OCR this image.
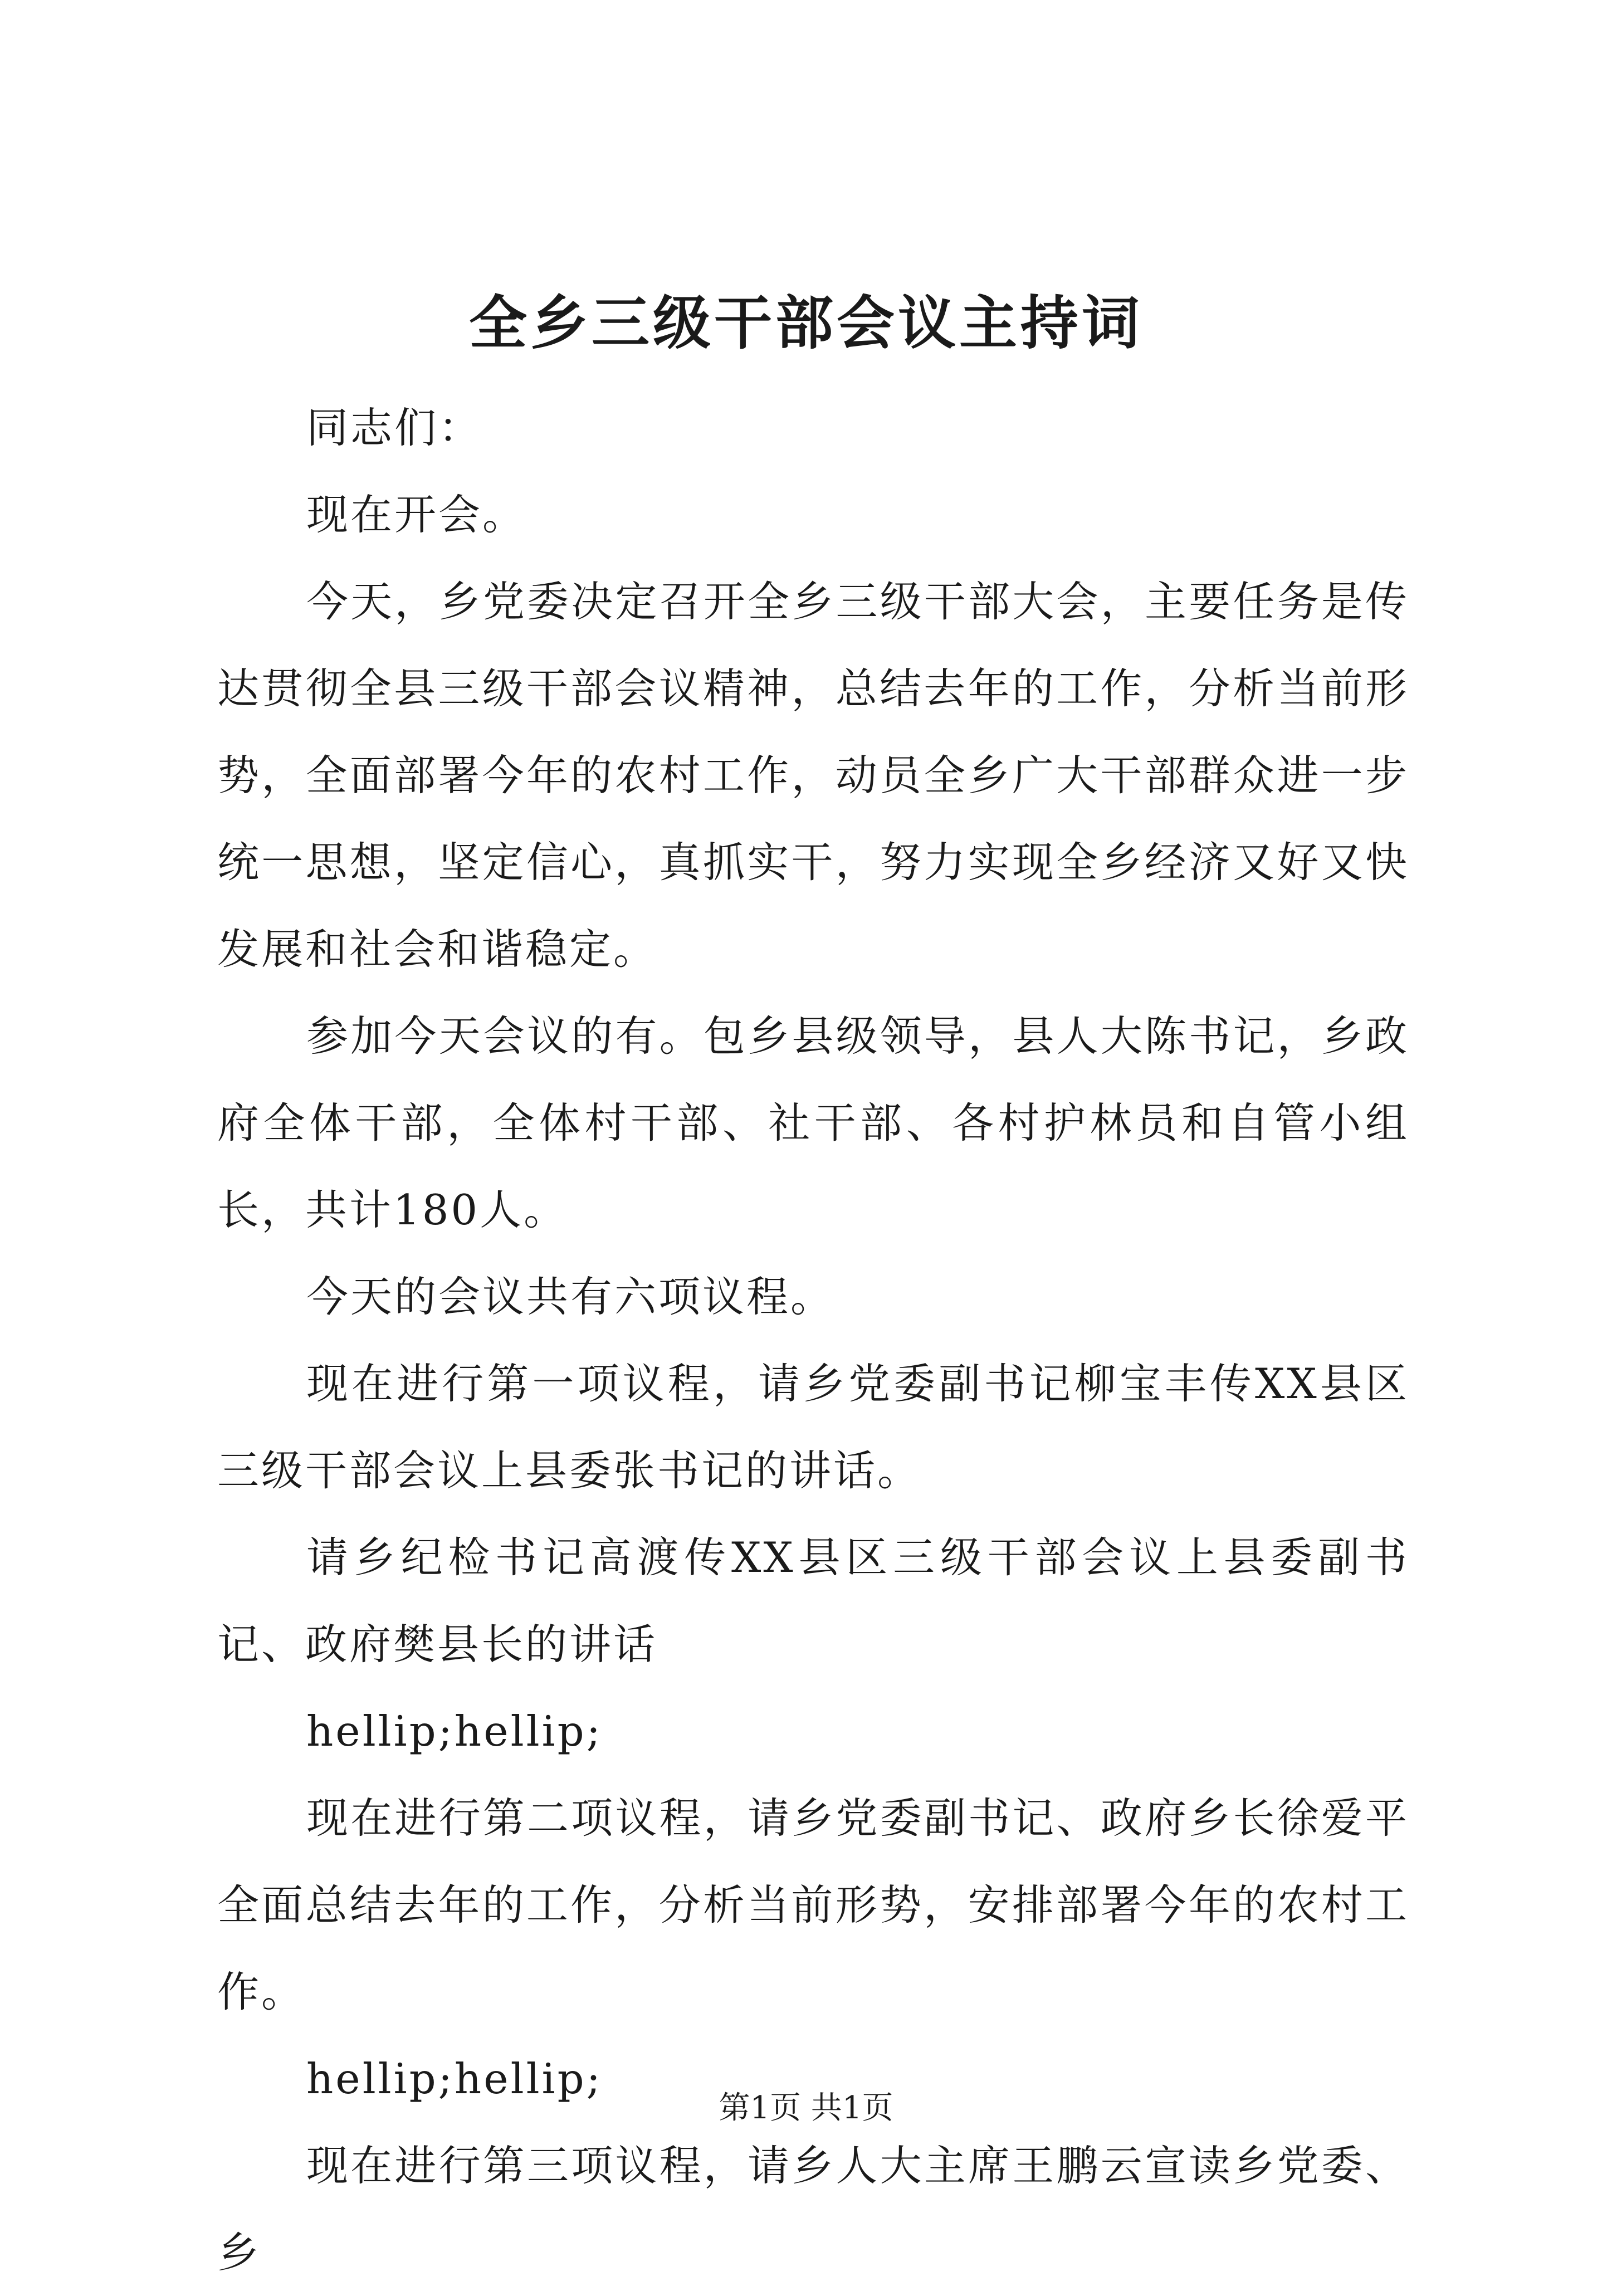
全乡三级干部会议主持词

同志们：

现在开会。

今天，乡党委决定召开全乡三级干部大会，主要任务是传达贯彻全县三级干部会议精神，总结去年的工作，分析当前形势，全面部署今年的农村工作，动员全乡广大干部群众进一步统一思想，坚定信心，真抓实干，努力实现全乡经济又好又快发展和社会和谐稳定。

参加今天会议的有。包乡县级领导，县人大陈书记，乡政府全体干部，全体村干部、社干部、各村护林员和自管小组长，共计180人。

今天的会议共有六项议程。

现在进行第一项议程，请乡党委副书记柳宝丰传XX县区三级干部会议上县委张书记的讲话。

请乡纪检书记高渡传XX县区三级干部会议上县委副书记、政府樊县长的讲话

hellip;hellip;

现在进行第二项议程，请乡党委副书记、政府乡长徐爱平全面总结去年的工作，分析当前形势，安排部署今年的农村工作。

hellip;hellip;

现在进行第三项议程，请乡人大主席王鹏云宣读乡党委、乡

第1页 共1页
